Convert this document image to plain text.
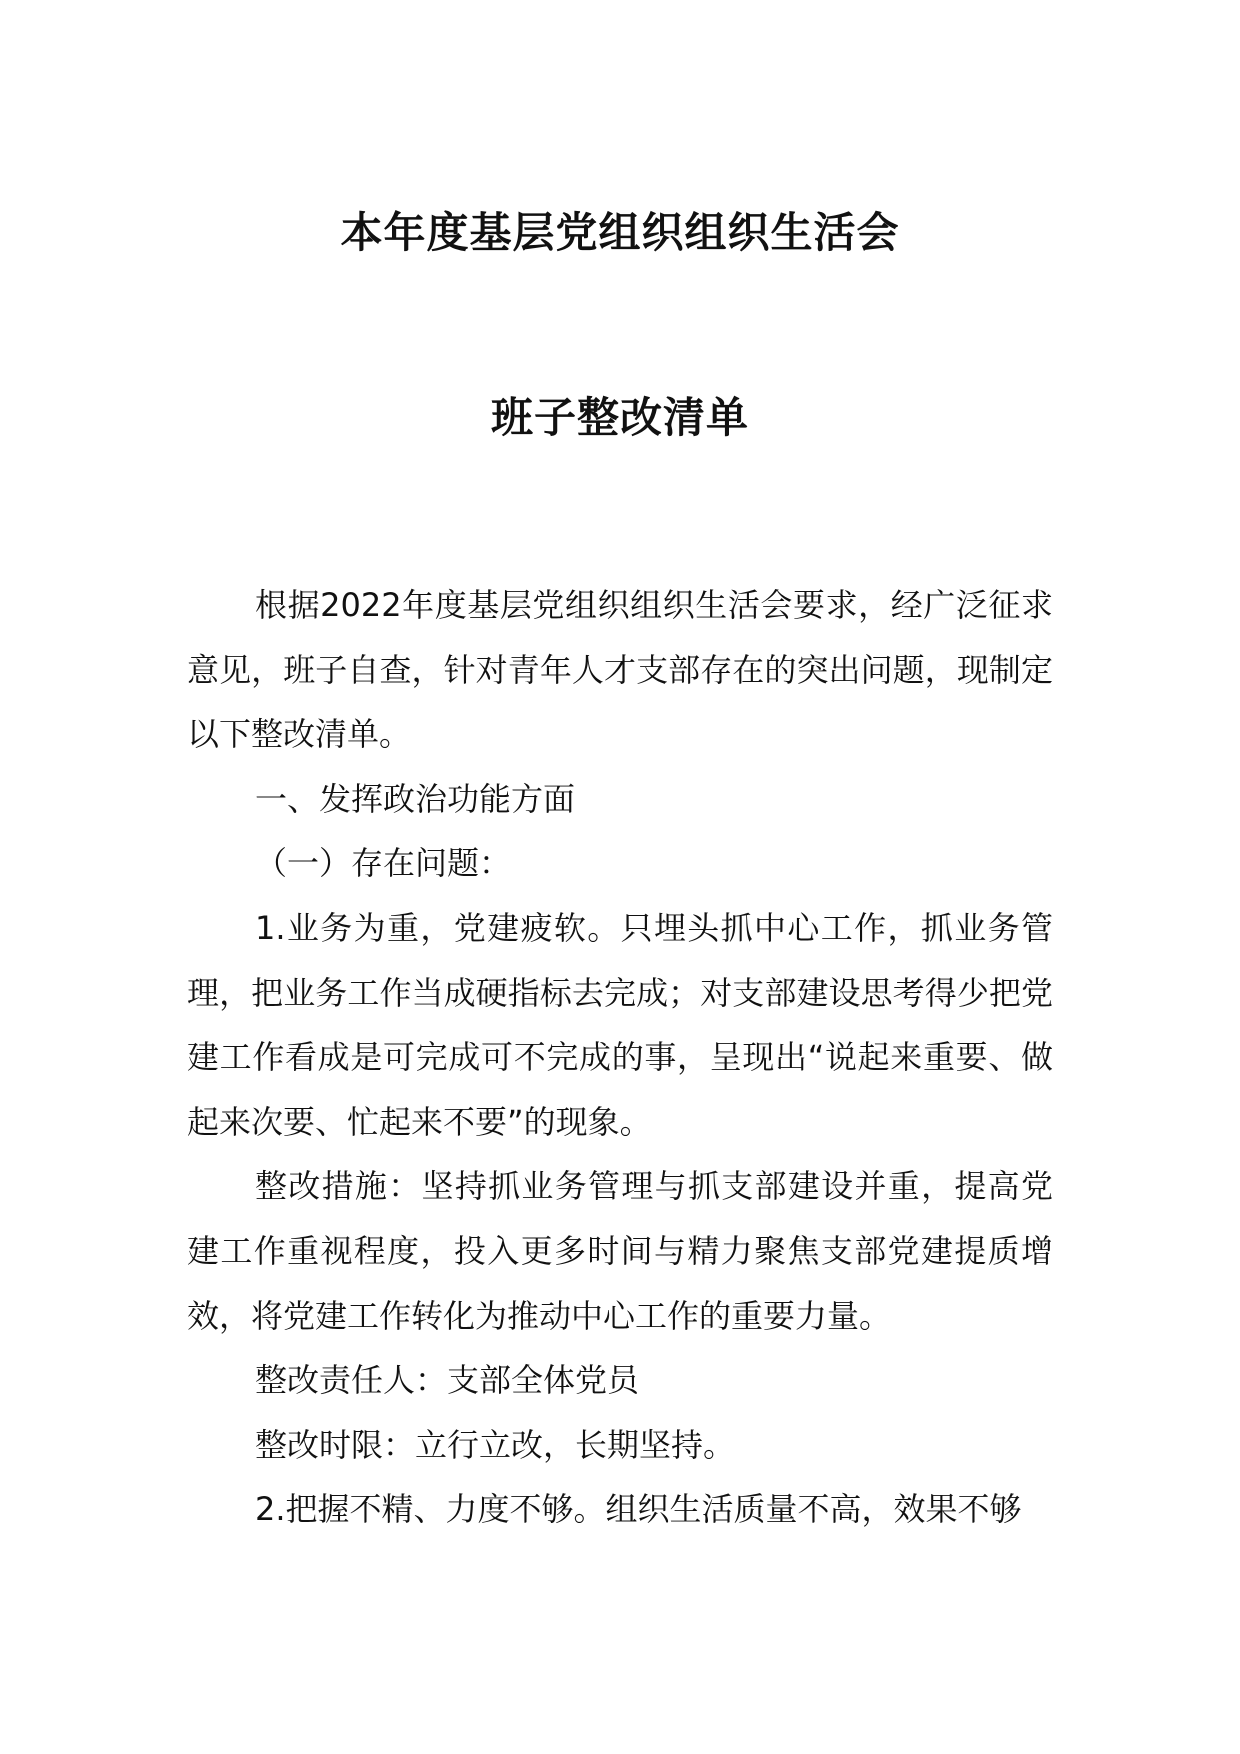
本年度基层党组织组织生活会
班子整改清单

根据2022年度基层党组织组织生活会要求，经广泛征求意见，班子自查，针对青年人才支部存在的突出问题，现制定以下整改清单。

一、发挥政治功能方面

（一）存在问题：

1.业务为重，党建疲软。只埋头抓中心工作，抓业务管理，把业务工作当成硬指标去完成；对支部建设思考得少把党建工作看成是可完成可不完成的事，呈现出“说起来重要、做起来次要、忙起来不要”的现象。

整改措施：坚持抓业务管理与抓支部建设并重，提高党建工作重视程度，投入更多时间与精力聚焦支部党建提质增效，将党建工作转化为推动中心工作的重要力量。

整改责任人：支部全体党员

整改时限：立行立改，长期坚持。

2.把握不精、力度不够。组织生活质量不高，效果不够
